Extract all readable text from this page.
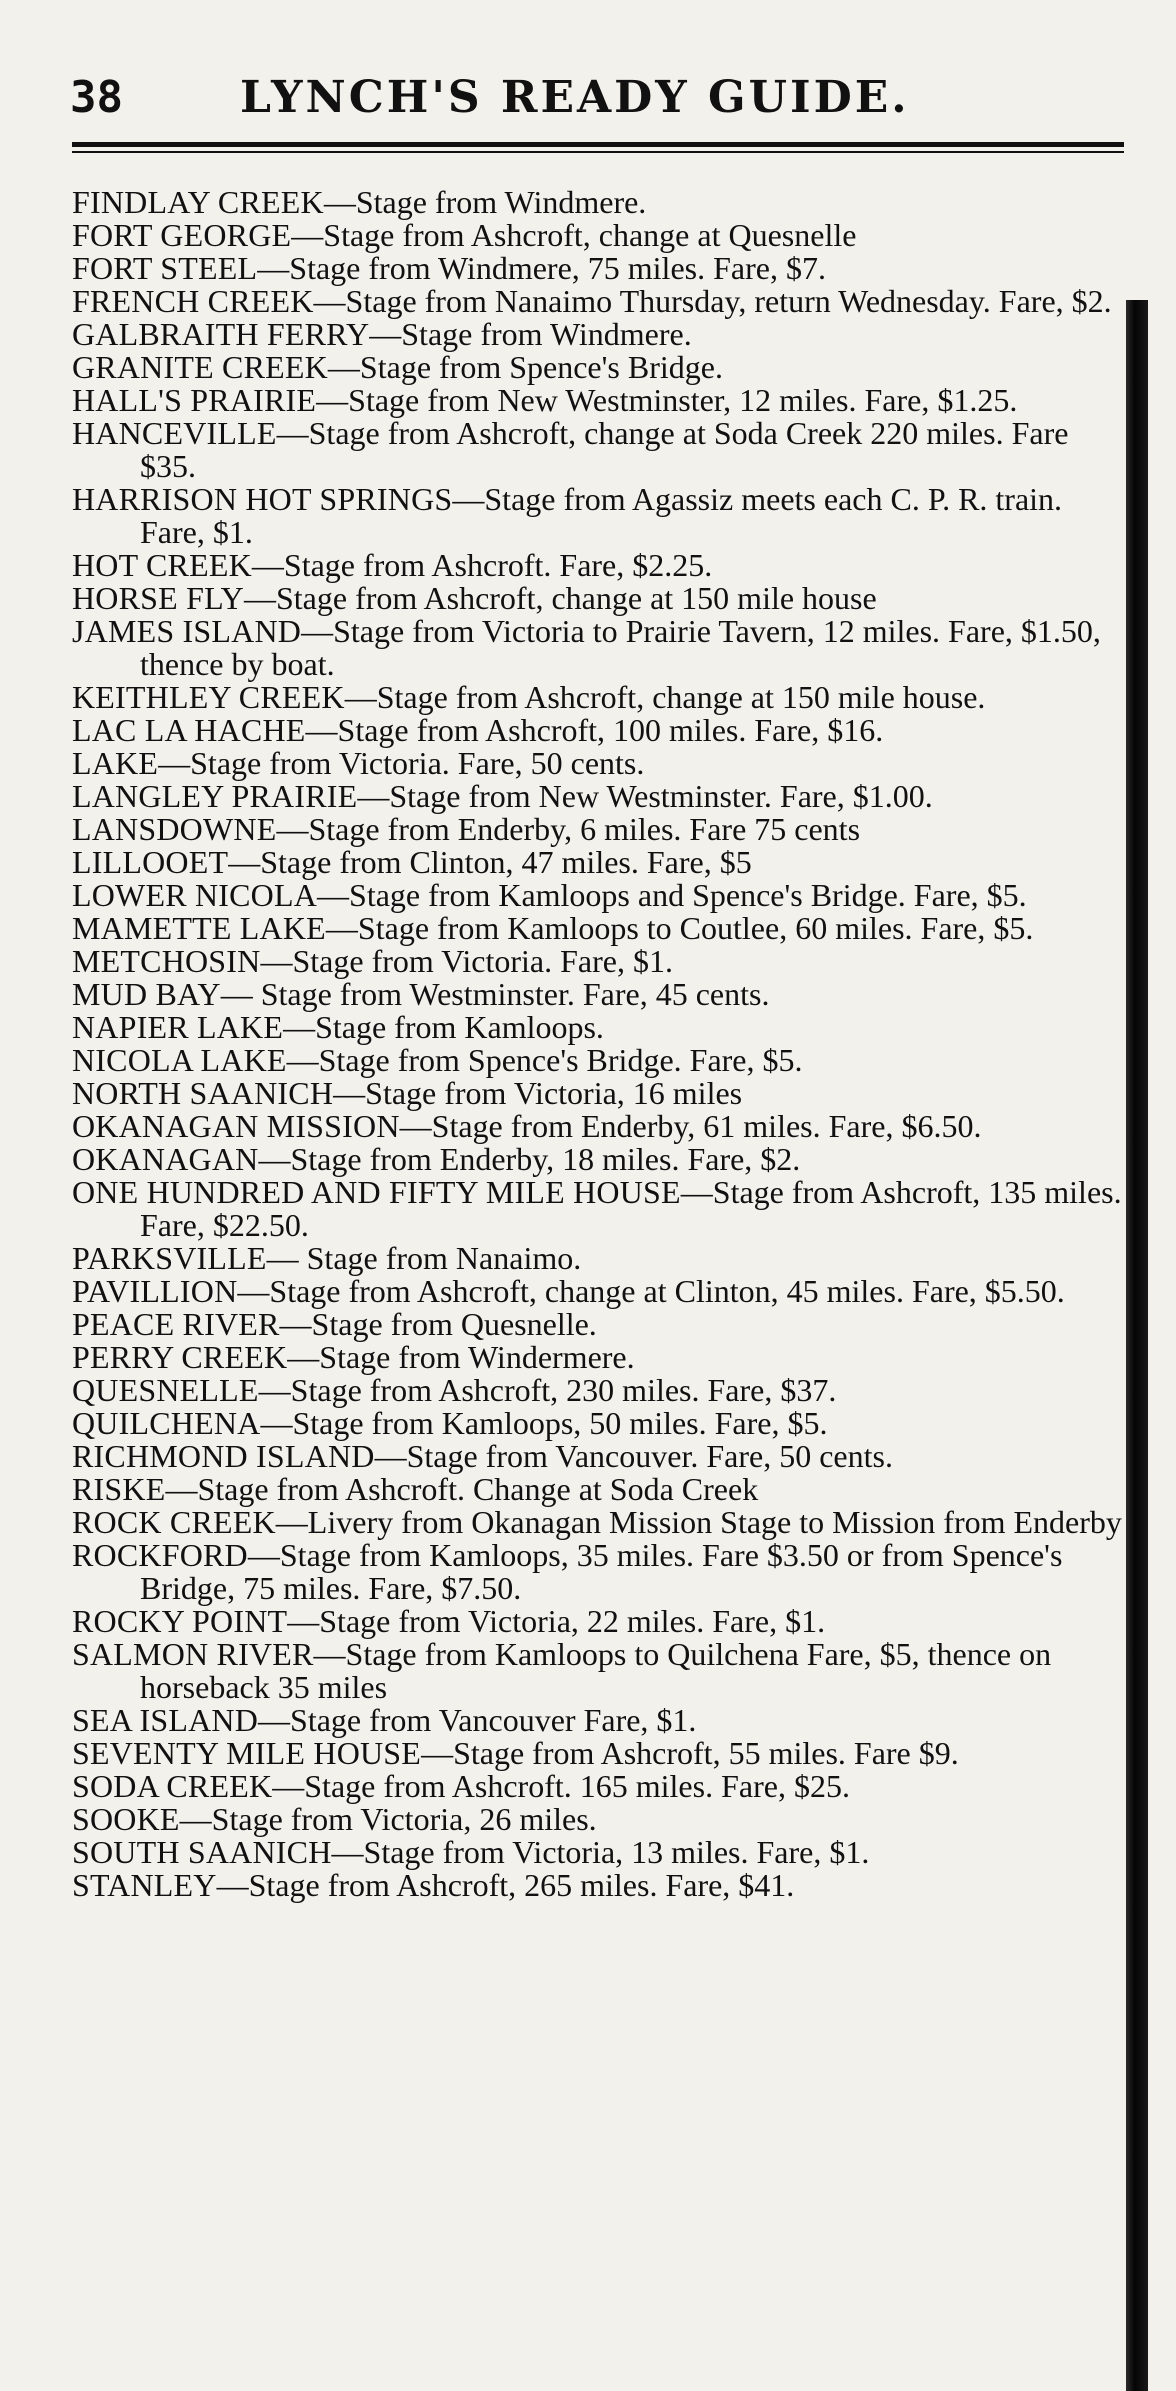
38	LYNCH'S READY GUIDE.

FINDLAY CREEK—Stage from Windmere.

FORT GEORGE—Stage from Ashcroft, change at Quesnelle

FORT STEEL—Stage from Windmere, 75 miles. Fare, $7.

FRENCH CREEK—Stage from Nanaimo Thursday, return Wednesday. Fare, $2.

GALBRAITH FERRY—Stage from Windmere.

GRANITE CREEK—Stage from Spence's Bridge.

HALL'S PRAIRIE—Stage from New Westminster, 12 miles. Fare, $1.25.

HANCEVILLE—Stage from Ashcroft, change at Soda Creek 220 miles. Fare $35.

HARRISON HOT SPRINGS—Stage from Agassiz meets each C. P. R. train. Fare, $1.

HOT CREEK—Stage from Ashcroft. Fare, $2.25.

HORSE FLY—Stage from Ashcroft, change at 150 mile house

JAMES ISLAND—Stage from Victoria to Prairie Tavern, 12 miles. Fare, $1.50, thence by boat.

KEITHLEY CREEK—Stage from Ashcroft, change at 150 mile house.

LAC LA HACHE—Stage from Ashcroft, 100 miles. Fare, $16.

LAKE—Stage from Victoria. Fare, 50 cents.

LANGLEY PRAIRIE—Stage from New Westminster. Fare, $1.00.

LANSDOWNE—Stage from Enderby, 6 miles. Fare 75 cents

LILLOOET—Stage from Clinton, 47 miles. Fare, $5

LOWER NICOLA—Stage from Kamloops and Spence's Bridge. Fare, $5.

MAMETTE LAKE—Stage from Kamloops to Coutlee, 60 miles. Fare, $5.

METCHOSIN—Stage from Victoria. Fare, $1.

MUD BAY— Stage from Westminster. Fare, 45 cents.

NAPIER LAKE—Stage from Kamloops.

NICOLA LAKE—Stage from Spence's Bridge. Fare, $5.

NORTH SAANICH—Stage from Victoria, 16 miles

OKANAGAN MISSION—Stage from Enderby, 61 miles. Fare, $6.50.

OKANAGAN—Stage from Enderby, 18 miles. Fare, $2.

ONE HUNDRED AND FIFTY MILE HOUSE—Stage from Ashcroft, 135 miles. Fare, $22.50.

PARKSVILLE— Stage from Nanaimo.

PAVILLION—Stage from Ashcroft, change at Clinton, 45 miles. Fare, $5.50.

PEACE RIVER—Stage from Quesnelle.

PERRY CREEK—Stage from Windermere.

QUESNELLE—Stage from Ashcroft, 230 miles. Fare, $37.

QUILCHENA—Stage from Kamloops, 50 miles. Fare, $5.

RICHMOND ISLAND—Stage from Vancouver. Fare, 50 cents.

RISKE—Stage from Ashcroft. Change at Soda Creek

ROCK CREEK—Livery from Okanagan Mission Stage to Mission from Enderby

ROCKFORD—Stage from Kamloops, 35 miles. Fare $3.50 or from Spence's Bridge, 75 miles. Fare, $7.50.

ROCKY POINT—Stage from Victoria, 22 miles. Fare, $1.

SALMON RIVER—Stage from Kamloops to Quilchena Fare, $5, thence on horseback 35 miles

SEA ISLAND—Stage from Vancouver Fare, $1.

SEVENTY MILE HOUSE—Stage from Ashcroft, 55 miles. Fare $9.

SODA CREEK—Stage from Ashcroft. 165 miles. Fare, $25.

SOOKE—Stage from Victoria, 26 miles.

SOUTH SAANICH—Stage from Victoria, 13 miles. Fare, $1.

STANLEY—Stage from Ashcroft, 265 miles. Fare, $41.
